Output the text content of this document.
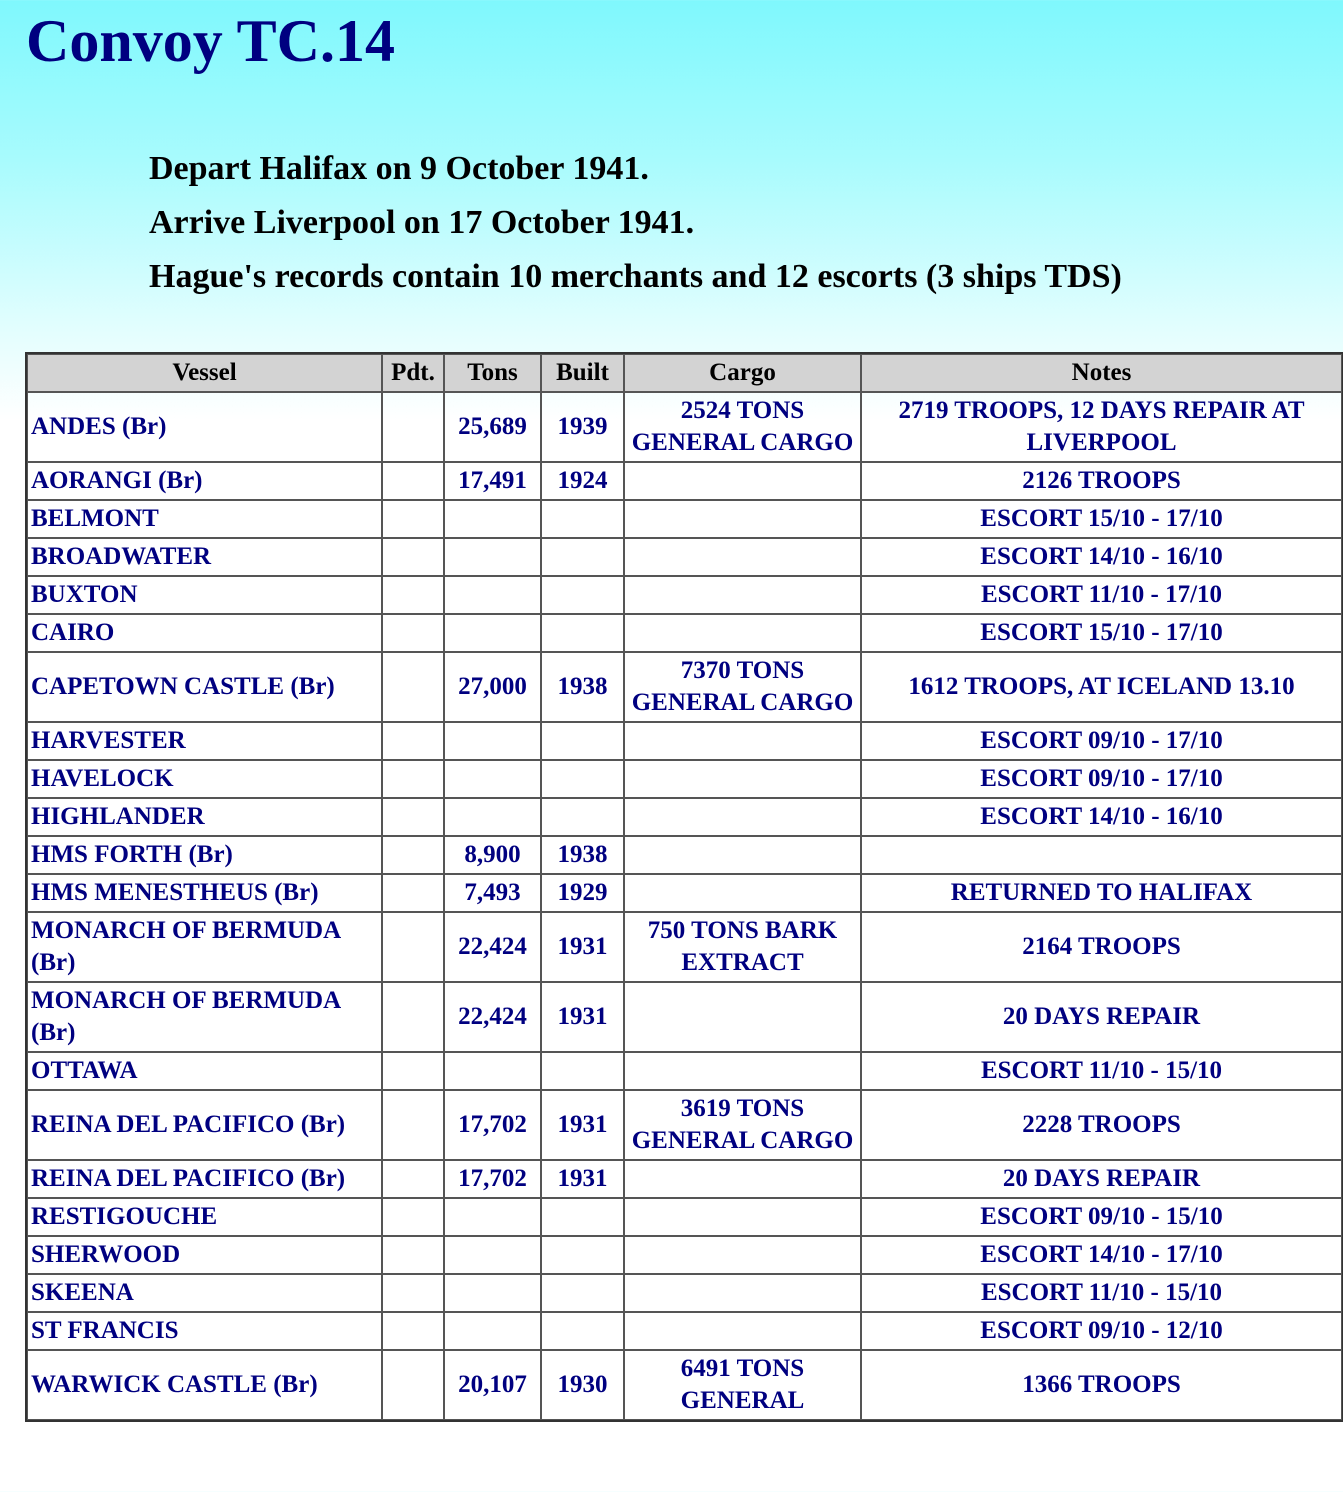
Convoy TC.14
Depart Halifax on 9 October 1941.
Arrive Liverpool on 17 October 1941.
Hague's records contain 10 merchants and 12 escorts (3 ships TDS)
Vessel	Pdt.	Tons	Built	Cargo	Notes
ANDES (Br)		25,689	1939	2524 TONS GENERAL CARGO	2719 TROOPS, 12 DAYS REPAIR AT LIVERPOOL
AORANGI (Br)		17,491	1924		2126 TROOPS
BELMONT					ESCORT 15/10 - 17/10
BROADWATER					ESCORT 14/10 - 16/10
BUXTON					ESCORT 11/10 - 17/10
CAIRO					ESCORT 15/10 - 17/10
CAPETOWN CASTLE (Br)		27,000	1938	7370 TONS GENERAL CARGO	1612 TROOPS, AT ICELAND 13.10
HARVESTER					ESCORT 09/10 - 17/10
HAVELOCK					ESCORT 09/10 - 17/10
HIGHLANDER					ESCORT 14/10 - 16/10
HMS FORTH (Br)		8,900	1938		
HMS MENESTHEUS (Br)		7,493	1929		RETURNED TO HALIFAX
MONARCH OF BERMUDA (Br)		22,424	1931	750 TONS BARK EXTRACT	2164 TROOPS
MONARCH OF BERMUDA (Br)		22,424	1931		20 DAYS REPAIR
OTTAWA					ESCORT 11/10 - 15/10
REINA DEL PACIFICO (Br)		17,702	1931	3619 TONS GENERAL CARGO	2228 TROOPS
REINA DEL PACIFICO (Br)		17,702	1931		20 DAYS REPAIR
RESTIGOUCHE					ESCORT 09/10 - 15/10
SHERWOOD					ESCORT 14/10 - 17/10
SKEENA					ESCORT 11/10 - 15/10
ST FRANCIS					ESCORT 09/10 - 12/10
WARWICK CASTLE (Br)		20,107	1930	6491 TONS GENERAL	1366 TROOPS
